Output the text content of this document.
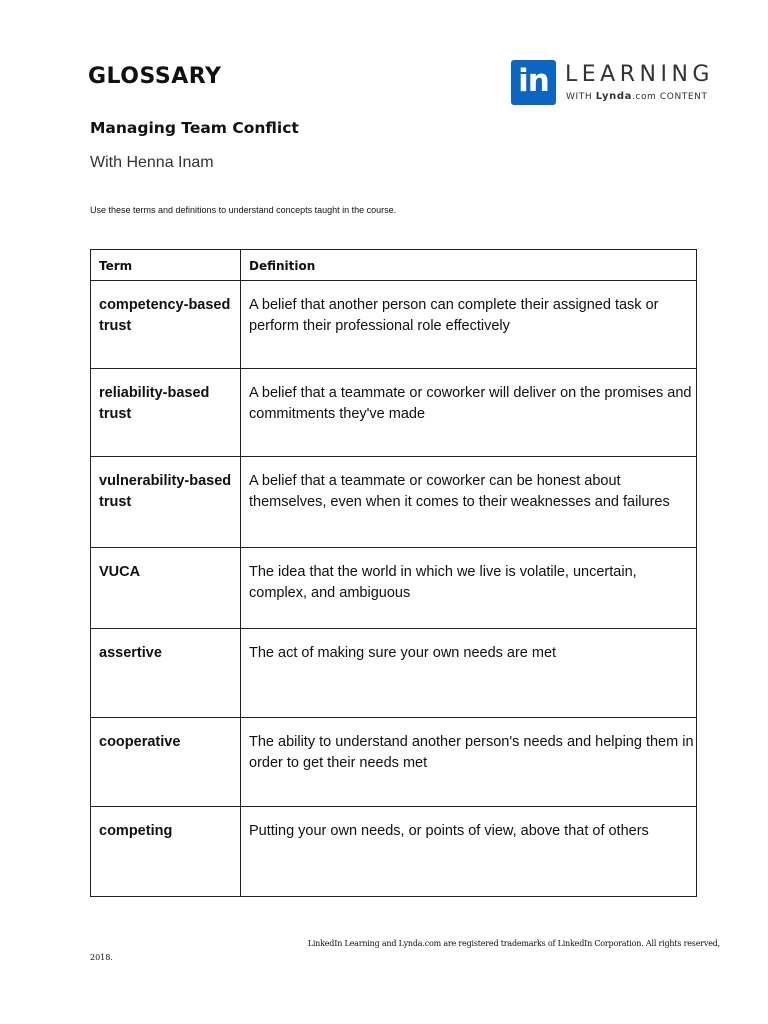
GLOSSARY	in LEARNING
WITH Lynda.com CONTENT
Managing Team Conflict
With Henna Inam
Use these terms and definitions to understand concepts taught in the course.
Term	Definition
competency-based trust	A belief that another person can complete their assigned task or perform their professional role effectively
reliability-based trust	A belief that a teammate or coworker will deliver on the promises and commitments they've made
vulnerability-based trust	A belief that a teammate or coworker can be honest about themselves, even when it comes to their weaknesses and failures
VUCA	The idea that the world in which we live is volatile, uncertain, complex, and ambiguous
assertive	The act of making sure your own needs are met
cooperative	The ability to understand another person's needs and helping them in order to get their needs met
competing	Putting your own needs, or points of view, above that of others
LinkedIn Learning and Lynda.com are registered trademarks of LinkedIn Corporation. All rights reserved,
2018.
